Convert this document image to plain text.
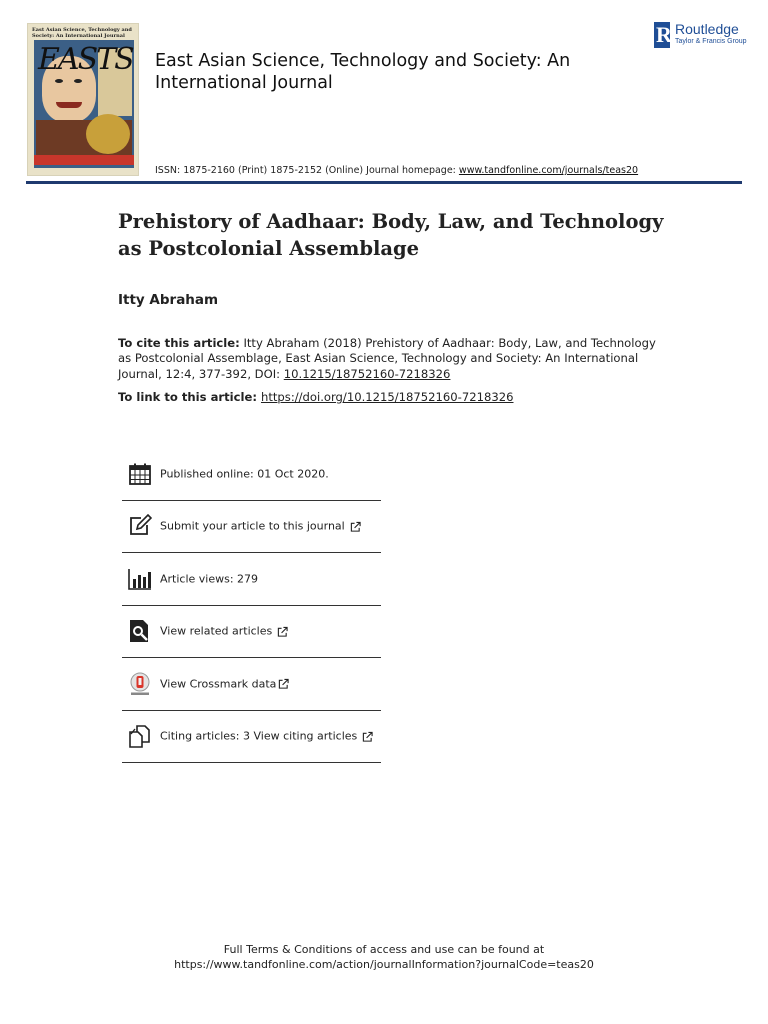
East Asian Science, Technology and Society: An International Journal
EASTS East Asian Science, Technology and Society: An International Journal
R
Routledge
Taylor & Francis Group
ISSN: 1875-2160 (Print) 1875-2152 (Online) Journal homepage: www.tandfonline.com/journals/teas20
Prehistory of Aadhaar: Body, Law, and Technology as Postcolonial Assemblage
Itty Abraham
To cite this article: Itty Abraham (2018) Prehistory of Aadhaar: Body, Law, and Technology as Postcolonial Assemblage, East Asian Science, Technology and Society: An International Journal, 12:4, 377-392, DOI: 10.1215/18752160-7218326
To link to this article: https://doi.org/10.1215/18752160-7218326
Published online: 01 Oct 2020.
Submit your article to this journal
Article views: 279
View related articles
View Crossmark data
Citing articles: 3 View citing articles
Full Terms & Conditions of access and use can be found at
https://www.tandfonline.com/action/journalInformation?journalCode=teas20
